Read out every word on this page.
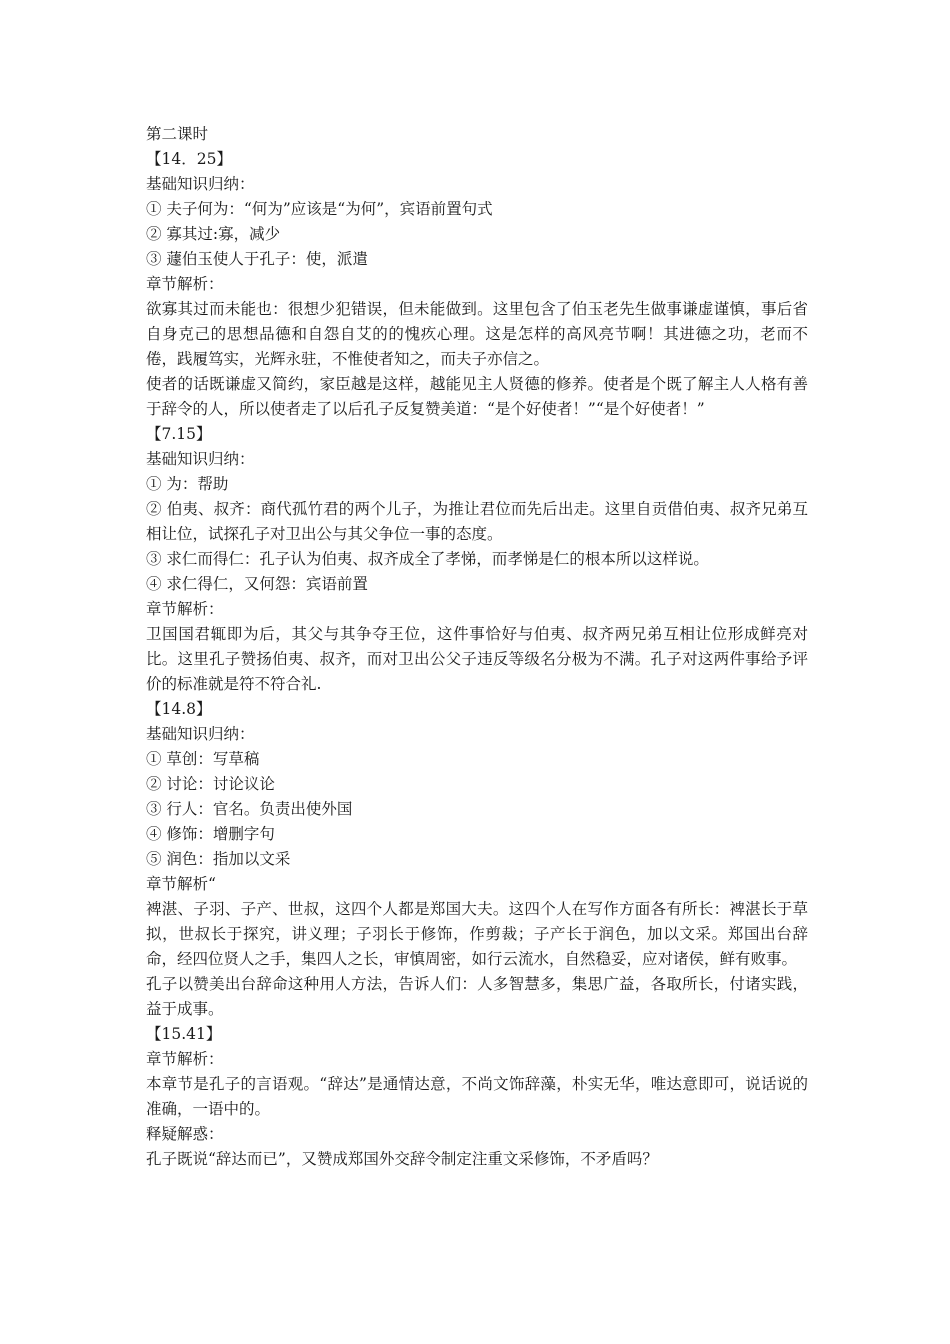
第二课时
【14．25】
基础知识归纳：
① 夫子何为：“何为”应该是“为何”，宾语前置句式
② 寡其过:寡，减少
③ 蘧伯玉使人于孔子：使，派遣
章节解析：
欲寡其过而未能也：很想少犯错误，但未能做到。这里包含了伯玉老先生做事谦虚谨慎，事后省自身克己的思想品德和自怨自艾的的愧疚心理。这是怎样的高风亮节啊！其进德之功，老而不倦，践履笃实，光辉永驻，不惟使者知之，而夫子亦信之。
使者的话既谦虚又简约，家臣越是这样，越能见主人贤德的修养。使者是个既了解主人人格有善于辞令的人，所以使者走了以后孔子反复赞美道：“是个好使者！”“是个好使者！”
【7.15】
基础知识归纳：
① 为：帮助
② 伯夷、叔齐：商代孤竹君的两个儿子，为推让君位而先后出走。这里自贡借伯夷、叔齐兄弟互相让位，试探孔子对卫出公与其父争位一事的态度。
③ 求仁而得仁：孔子认为伯夷、叔齐成全了孝悌，而孝悌是仁的根本所以这样说。
④ 求仁得仁，又何怨：宾语前置
章节解析：
卫国国君辄即为后，其父与其争夺王位，这件事恰好与伯夷、叔齐两兄弟互相让位形成鲜亮对比。这里孔子赞扬伯夷、叔齐，而对卫出公父子违反等级名分极为不满。孔子对这两件事给予评价的标准就是符不符合礼.
【14.8】
基础知识归纳：
① 草创：写草稿
② 讨论：讨论议论
③ 行人：官名。负责出使外国
④ 修饰：增删字句
⑤ 润色：指加以文采
章节解析“
裨湛、子羽、子产、世叔，这四个人都是郑国大夫。这四个人在写作方面各有所长：裨湛长于草拟，世叔长于探究，讲义理；子羽长于修饰，作剪裁；子产长于润色，加以文采。郑国出台辞命，经四位贤人之手，集四人之长，审慎周密，如行云流水，自然稳妥，应对诸侯，鲜有败事。
孔子以赞美出台辞命这种用人方法，告诉人们：人多智慧多，集思广益，各取所长，付诸实践，益于成事。
【15.41】
章节解析：
本章节是孔子的言语观。“辞达”是通情达意，不尚文饰辞藻，朴实无华，唯达意即可，说话说的准确，一语中的。
释疑解惑：
孔子既说“辞达而已”，又赞成郑国外交辞令制定注重文采修饰，不矛盾吗？
